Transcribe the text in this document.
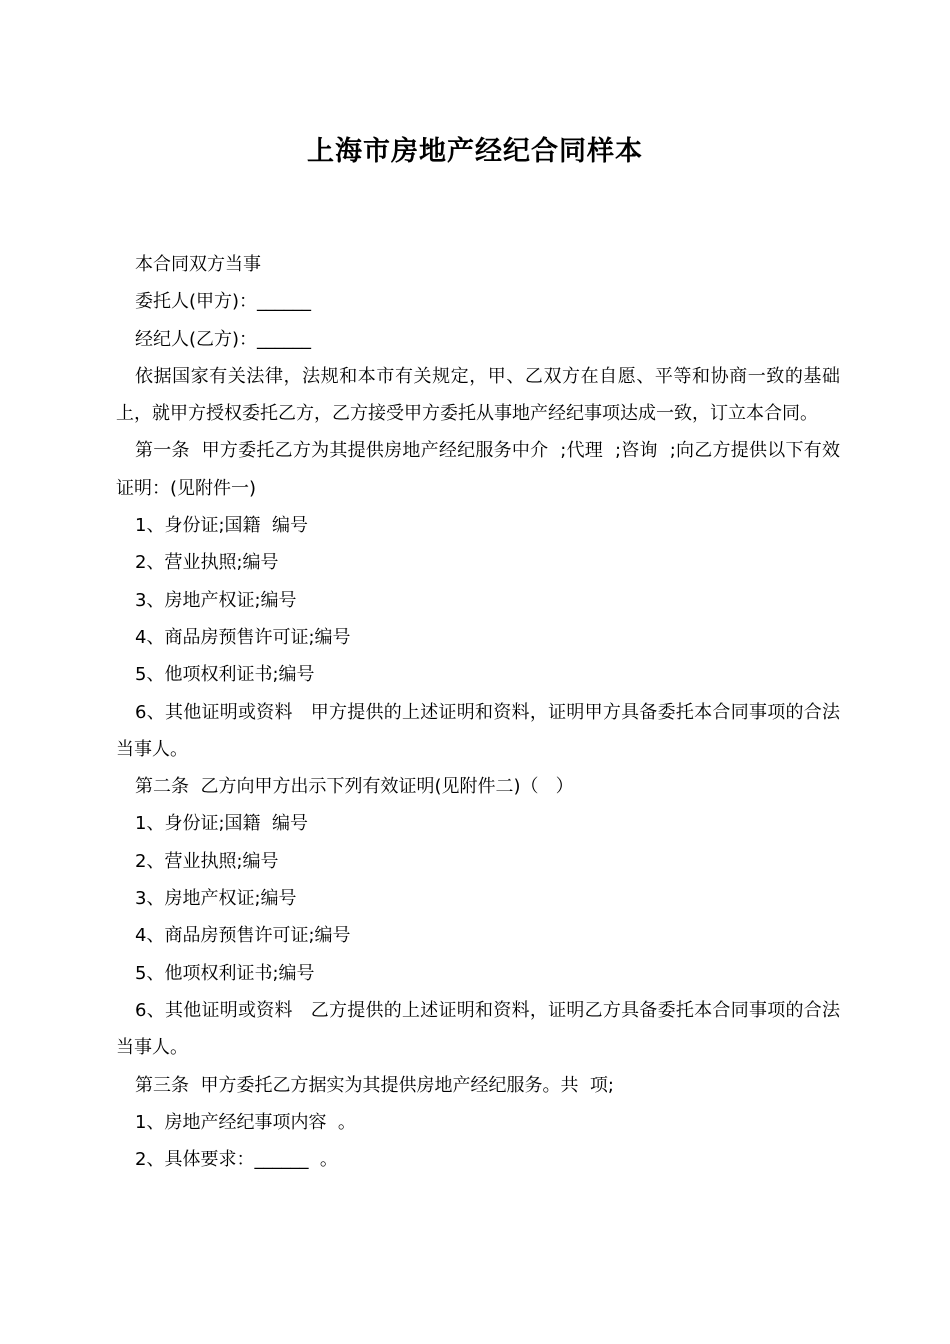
上海市房地产经纪合同样本

本合同双方当事

委托人(甲方)：______

经纪人(乙方)：______

依据国家有关法律，法规和本市有关规定，甲、乙双方在自愿、平等和协商一致的基础上，就甲方授权委托乙方，乙方接受甲方委托从事地产经纪事项达成一致，订立本合同。

第一条  甲方委托乙方为其提供房地产经纪服务中介  ;代理  ;咨询  ;向乙方提供以下有效证明：(见附件一)

1、身份证;国籍  编号

2、营业执照;编号

3、房地产权证;编号

4、商品房预售许可证;编号

5、他项权利证书;编号

6、其他证明或资料   甲方提供的上述证明和资料，证明甲方具备委托本合同事项的合法当事人。

第二条  乙方向甲方出示下列有效证明(见附件二)（   ）

1、身份证;国籍  编号

2、营业执照;编号

3、房地产权证;编号

4、商品房预售许可证;编号

5、他项权利证书;编号

6、其他证明或资料   乙方提供的上述证明和资料，证明乙方具备委托本合同事项的合法当事人。

第三条  甲方委托乙方据实为其提供房地产经纪服务。共  项;

1、房地产经纪事项内容  。

2、具体要求：______  。
